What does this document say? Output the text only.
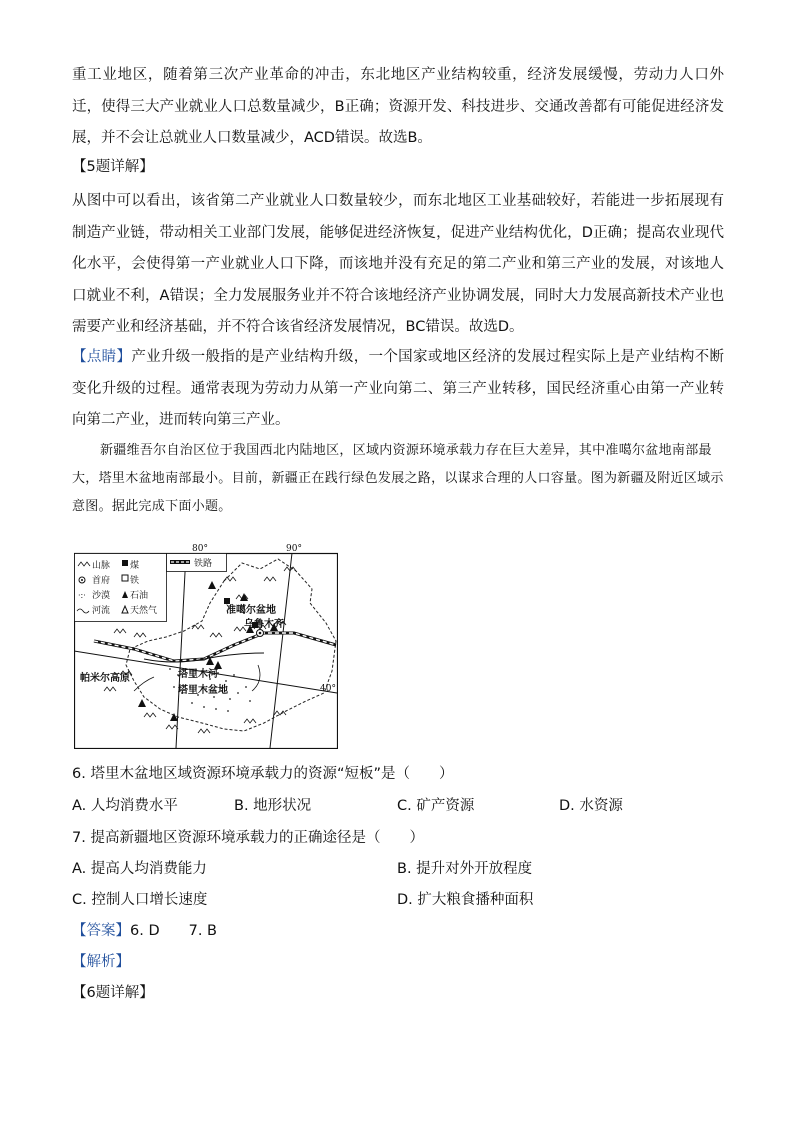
重工业地区，随着第三次产业革命的冲击，东北地区产业结构较重，经济发展缓慢，劳动力人口外迁，使得三大产业就业人口总数量减少，B正确；资源开发、科技进步、交通改善都有可能促进经济发展，并不会让总就业人口数量减少，ACD错误。故选B。

【5题详解】

从图中可以看出，该省第二产业就业人口数量较少，而东北地区工业基础较好，若能进一步拓展现有制造产业链，带动相关工业部门发展，能够促进经济恢复，促进产业结构优化，D正确；提高农业现代化水平，会使得第一产业就业人口下降，而该地并没有充足的第二产业和第三产业的发展，对该地人口就业不利，A错误；全力发展服务业并不符合该地经济产业协调发展，同时大力发展高新技术产业也需要产业和经济基础，并不符合该省经济发展情况，BC错误。故选D。

【点睛】产业升级一般指的是产业结构升级，一个国家或地区经济的发展过程实际上是产业结构不断变化升级的过程。通常表现为劳动力从第一产业向第二、第三产业转移，国民经济重心由第一产业转向第二产业，进而转向第三产业。

新疆维吾尔自治区位于我国西北内陆地区，区域内资源环境承载力存在巨大差异，其中准噶尔盆地南部最大，塔里木盆地南部最小。目前，新疆正在践行绿色发展之路，以谋求合理的人口容量。图为新疆及附近区域示意图。据此完成下面小题。

山脉 煤
首府 铁
·:· 沙漠 石油
河流 天然气
铁路
80°	90°
40°
准噶尔盆地
乌鲁木齐
塔里木河
帕米尔高原
塔里木盆地

6. 塔里木盆地区域资源环境承载力的资源“短板”是（　　）

A. 人均消费水平	B. 地形状况	C. 矿产资源	D. 水资源

7. 提高新疆地区资源环境承载力的正确途径是（　　）

A. 提高人均消费能力	B. 提升对外开放程度

C. 控制人口增长速度	D. 扩大粮食播种面积

【答案】6. D　　7. B

【解析】

【6题详解】
